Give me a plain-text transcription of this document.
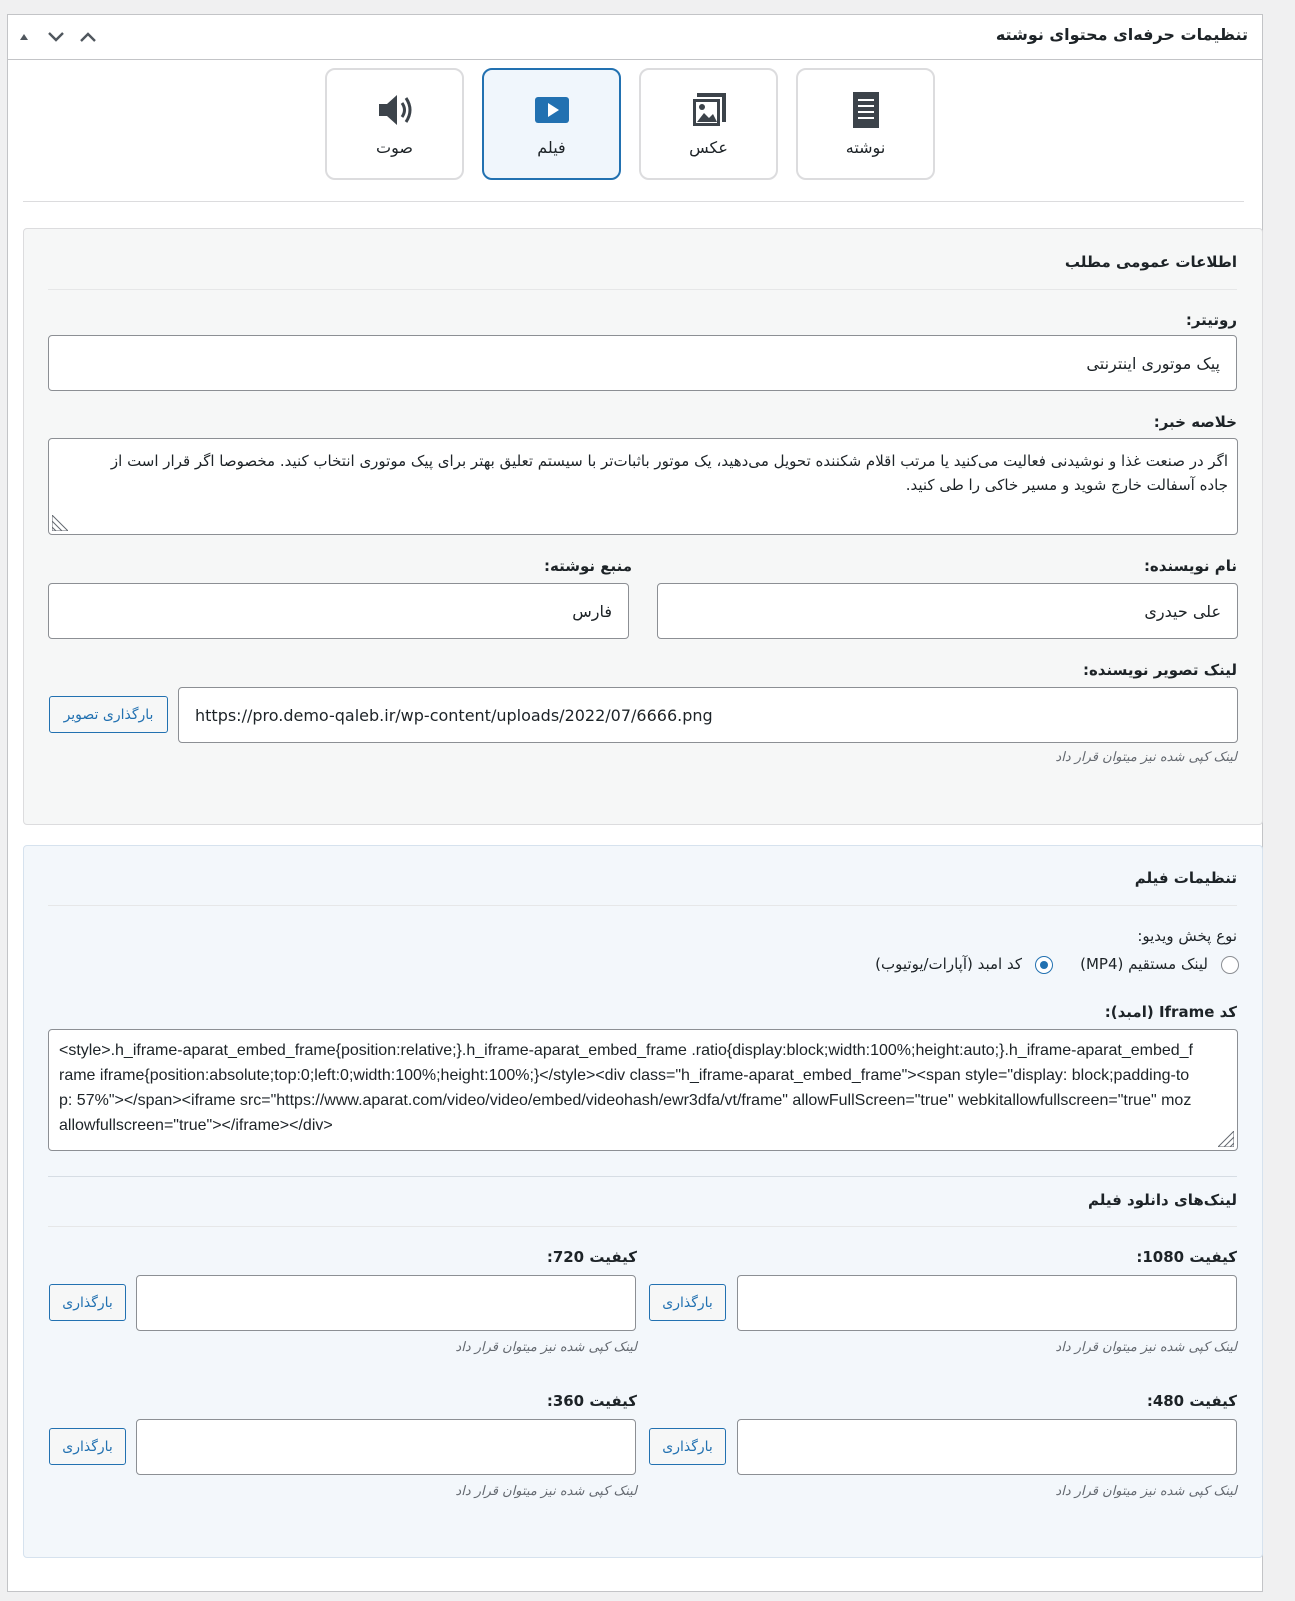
تنظیمات حرفه‌ای محتوای نوشته
صوت	فیلم	عکس	نوشته
اطلاعات عمومی مطلب
روتیتر:
پیک موتوری اینترنتی
خلاصه خبر:
اگر در صنعت غذا و نوشیدنی فعالیت می‌کنید یا مرتب اقلام شکننده تحویل می‌دهید، یک موتور باثبات‌تر با سیستم تعلیق بهتر برای پیک موتوری انتخاب کنید. مخصوصا اگر قرار است از جاده آسفالت خارج شوید و مسیر خاکی را طی کنید.
نام نویسنده:
علی حیدری
منبع نوشته:
فارس
لینک تصویر نویسنده:
https://pro.demo-qaleb.ir/wp-content/uploads/2022/07/6666.png
بارگذاری تصویر
لینک کپی شده نیز میتوان قرار داد
تنظیمات فیلم
نوع پخش ویدیو:
لینک مستقیم (MP4)
کد امبد (آپارات/یوتیوب)
کد Iframe (امبد):
<style>.h_iframe-aparat_embed_frame{position:relative;}.h_iframe-aparat_embed_frame .ratio{display:block;width:100%;height:auto;}.h_iframe-aparat_embed_frame iframe{position:absolute;top:0;left:0;width:100%;height:100%;}</style><div class="h_iframe-aparat_embed_frame"><span style="display: block;padding-top: 57%"></span><iframe src="https://www.aparat.com/video/video/embed/videohash/ewr3dfa/vt/frame" allowFullScreen="true" webkitallowfullscreen="true" mozallowfullscreen="true"></iframe></div>
لینک‌های دانلود فیلم
کیفیت 1080:
بارگذاری
لینک کپی شده نیز میتوان قرار داد
کیفیت 720:
بارگذاری
لینک کپی شده نیز میتوان قرار داد
کیفیت 480:
بارگذاری
لینک کپی شده نیز میتوان قرار داد
کیفیت 360:
بارگذاری
لینک کپی شده نیز میتوان قرار داد
